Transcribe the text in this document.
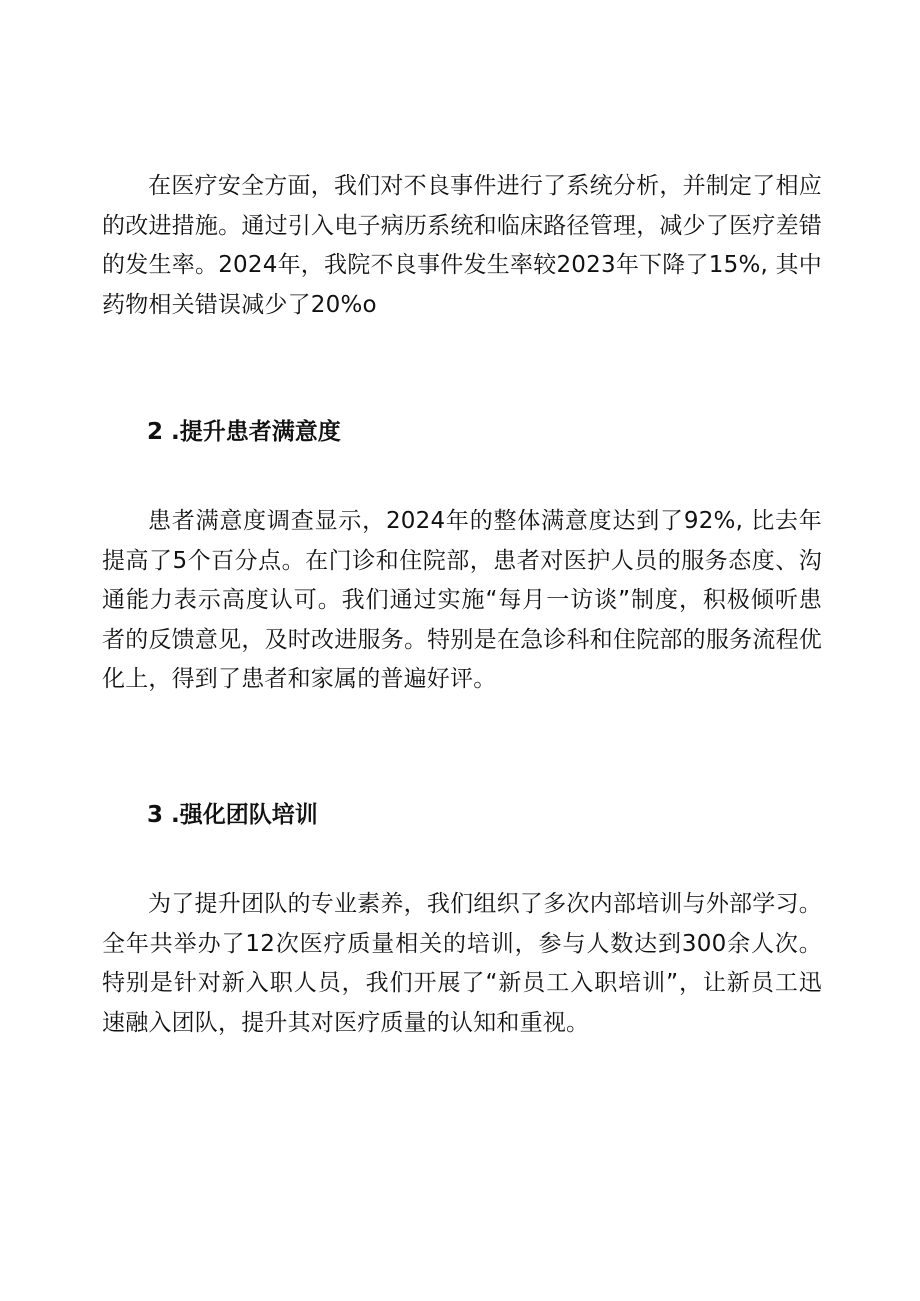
在医疗安全方面，我们对不良事件进行了系统分析，并制定了相应的改进措施。通过引入电子病历系统和临床路径管理，减少了医疗差错的发生率。2024年，我院不良事件发生率较2023年下降了15%, 其中药物相关错误减少了20%o

2 .提升患者满意度

患者满意度调查显示，2024年的整体满意度达到了92%, 比去年提高了5个百分点。在门诊和住院部，患者对医护人员的服务态度、沟通能力表示高度认可。我们通过实施“每月一访谈”制度，积极倾听患者的反馈意见，及时改进服务。特别是在急诊科和住院部的服务流程优化上，得到了患者和家属的普遍好评。

3 .强化团队培训

为了提升团队的专业素养，我们组织了多次内部培训与外部学习。全年共举办了12次医疗质量相关的培训，参与人数达到300余人次。特别是针对新入职人员，我们开展了“新员工入职培训”，让新员工迅速融入团队，提升其对医疗质量的认知和重视。
